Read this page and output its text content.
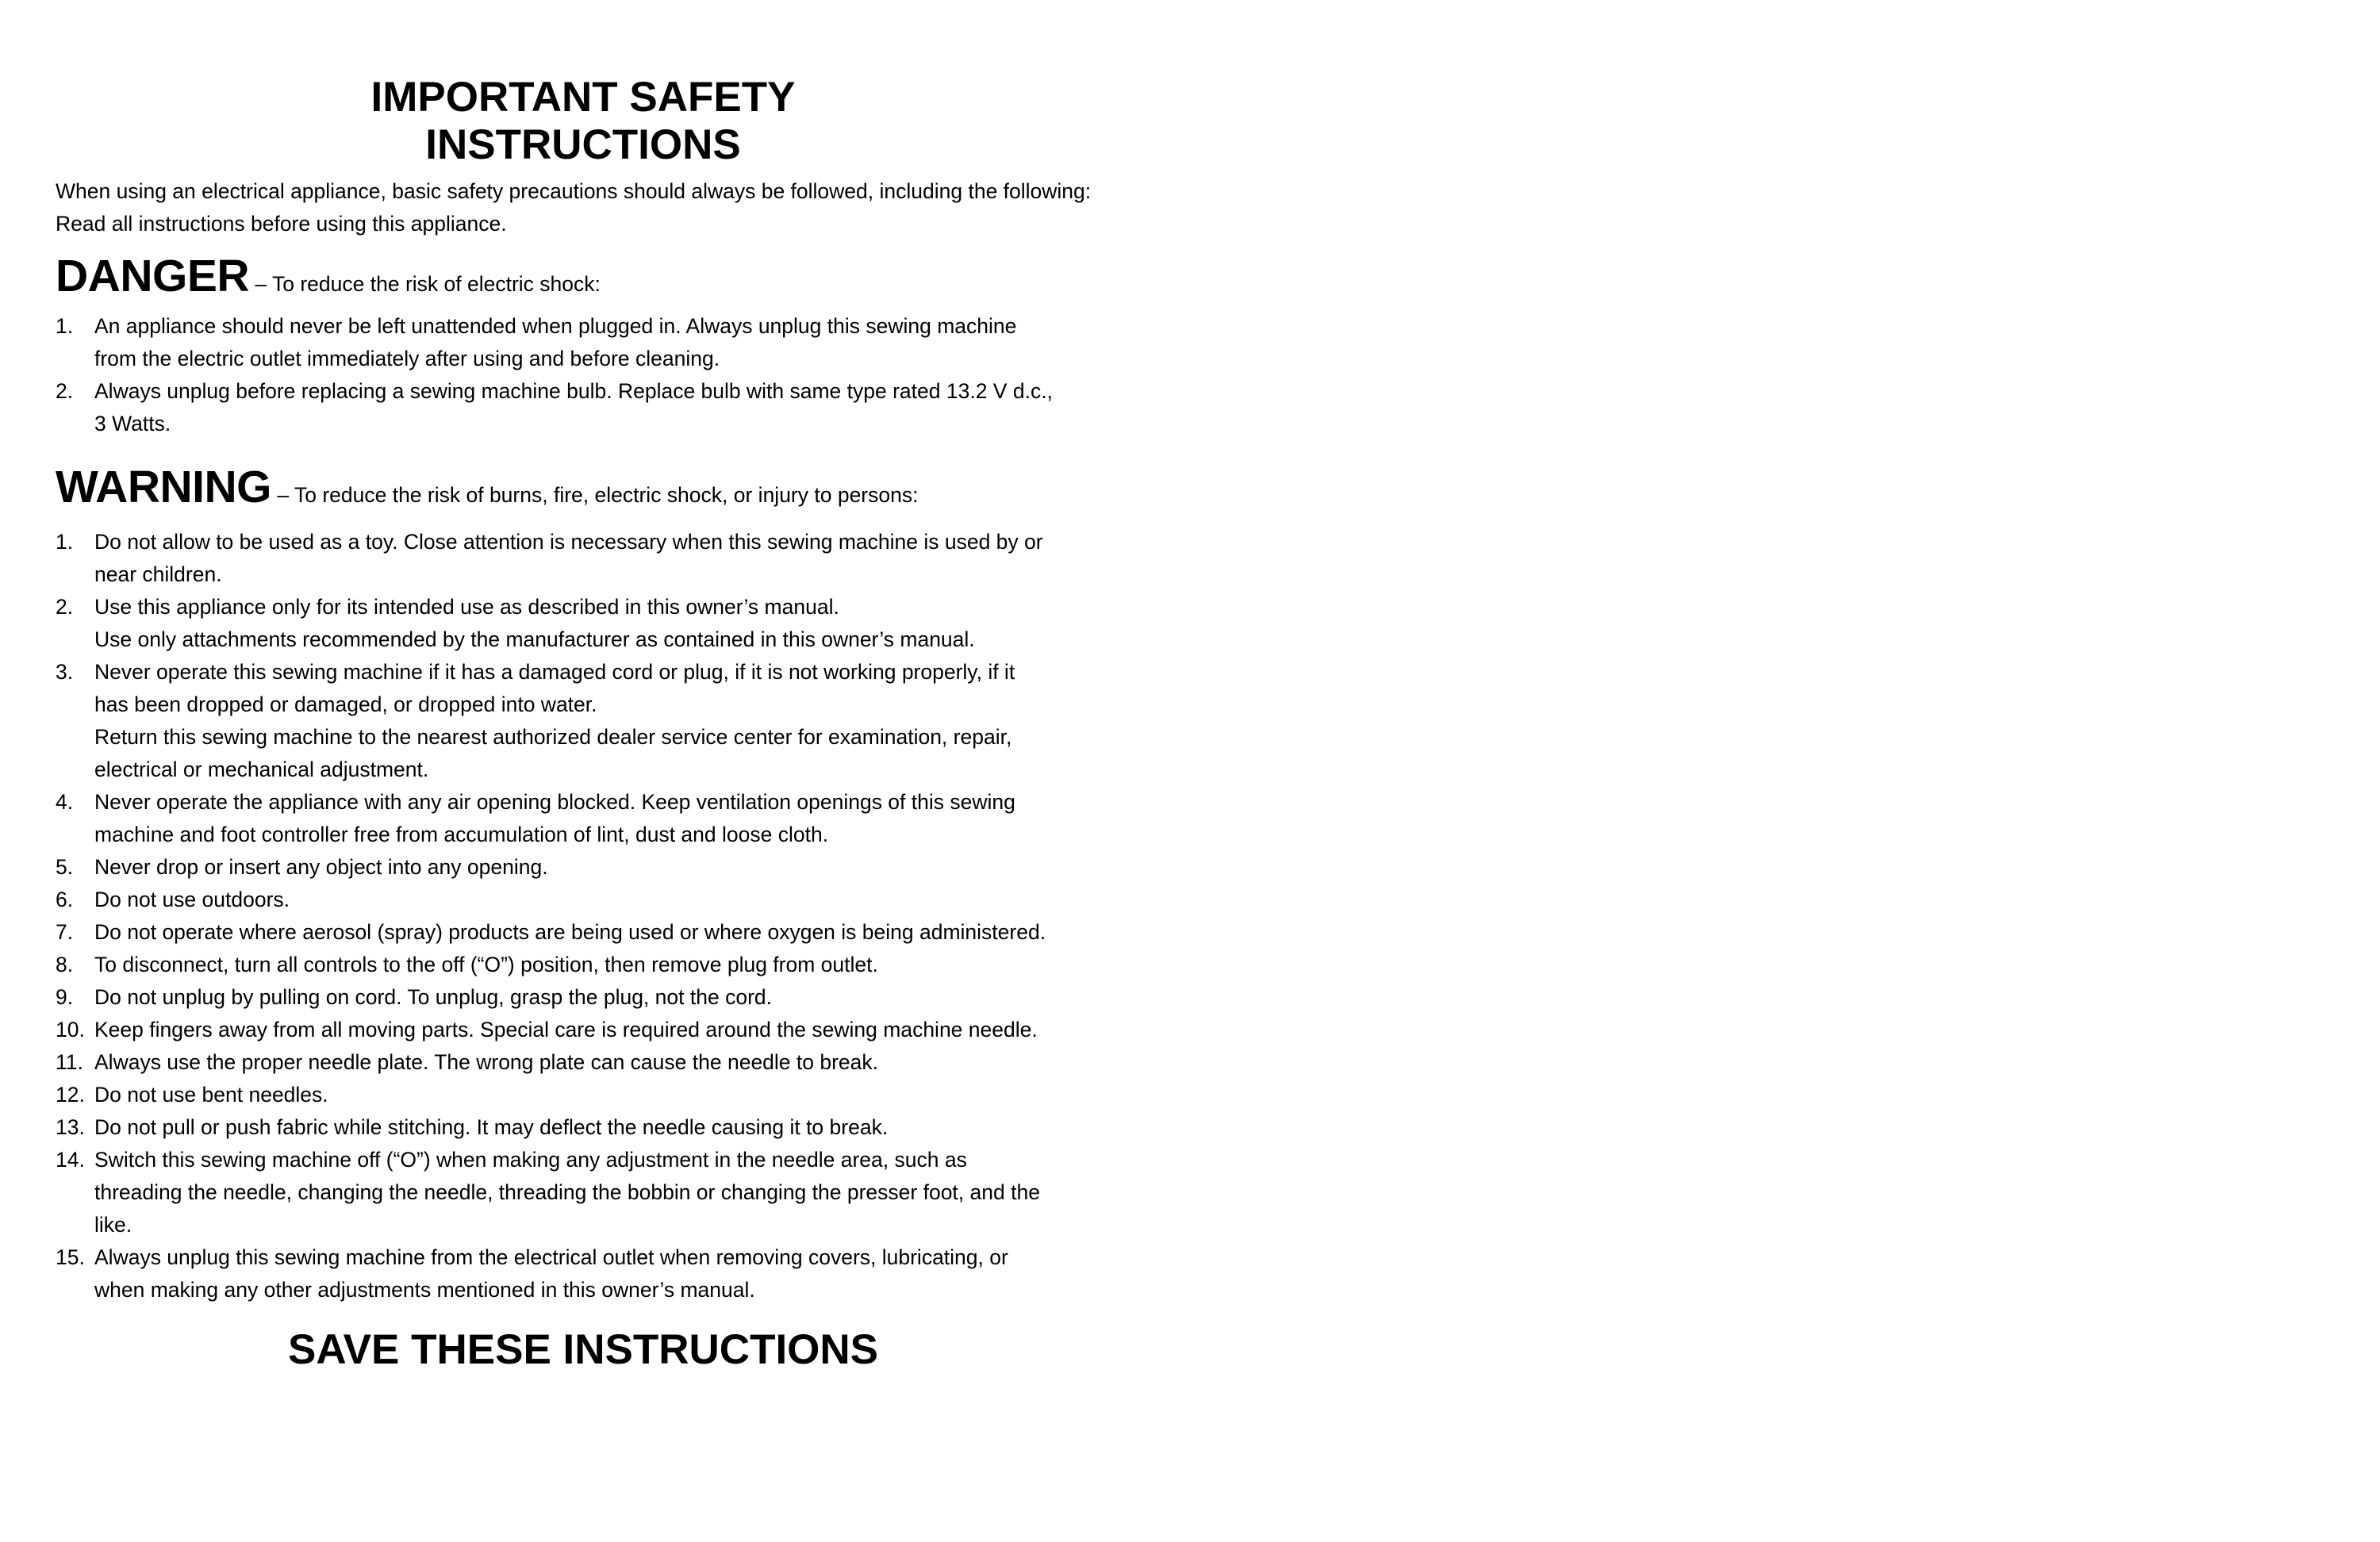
IMPORTANT SAFETY
INSTRUCTIONS
When using an electrical appliance, basic safety precautions should always be followed, including the following:
Read all instructions before using this appliance.
DANGER – To reduce the risk of electric shock:
1. An appliance should never be left unattended when plugged in. Always unplug this sewing machine
from the electric outlet immediately after using and before cleaning.
2. Always unplug before replacing a sewing machine bulb. Replace bulb with same type rated 13.2 V d.c.,
3 Watts.
WARNING – To reduce the risk of burns, fire, electric shock, or injury to persons:
1. Do not allow to be used as a toy. Close attention is necessary when this sewing machine is used by or
near children.
2. Use this appliance only for its intended use as described in this owner’s manual.
Use only attachments recommended by the manufacturer as contained in this owner’s manual.
3. Never operate this sewing machine if it has a damaged cord or plug, if it is not working properly, if it
has been dropped or damaged, or dropped into water.
Return this sewing machine to the nearest authorized dealer service center for examination, repair,
electrical or mechanical adjustment.
4. Never operate the appliance with any air opening blocked. Keep ventilation openings of this sewing
machine and foot controller free from accumulation of lint, dust and loose cloth.
5. Never drop or insert any object into any opening.
6. Do not use outdoors.
7. Do not operate where aerosol (spray) products are being used or where oxygen is being administered.
8. To disconnect, turn all controls to the off (“O”) position, then remove plug from outlet.
9. Do not unplug by pulling on cord. To unplug, grasp the plug, not the cord.
10. Keep fingers away from all moving parts. Special care is required around the sewing machine needle.
11. Always use the proper needle plate. The wrong plate can cause the needle to break.
12. Do not use bent needles.
13. Do not pull or push fabric while stitching. It may deflect the needle causing it to break.
14. Switch this sewing machine off (“O”) when making any adjustment in the needle area, such as
threading the needle, changing the needle, threading the bobbin or changing the presser foot, and the
like.
15. Always unplug this sewing machine from the electrical outlet when removing covers, lubricating, or
when making any other adjustments mentioned in this owner’s manual.
SAVE THESE INSTRUCTIONS
